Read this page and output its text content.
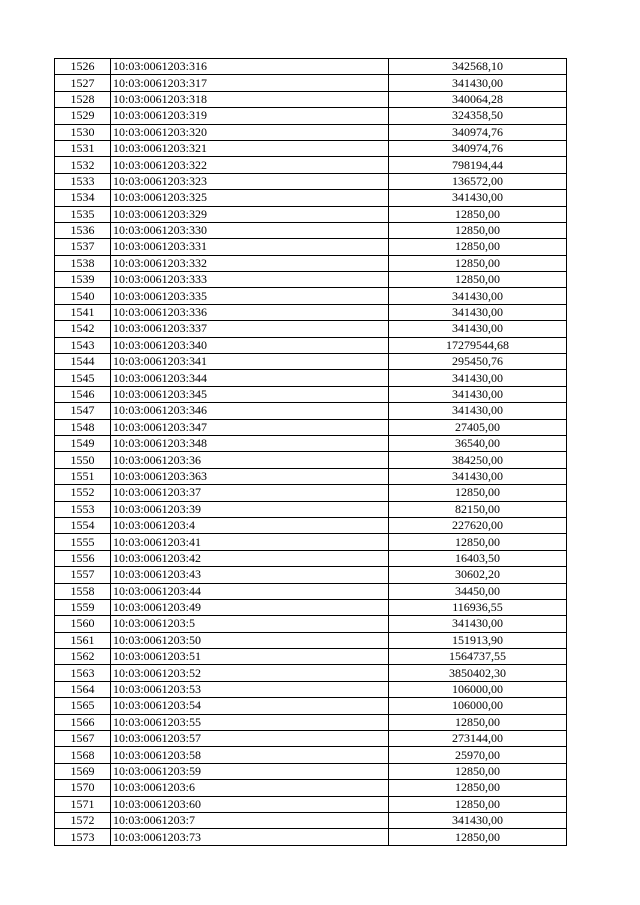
1526	10:03:0061203:316	342568,10
1527	10:03:0061203:317	341430,00
1528	10:03:0061203:318	340064,28
1529	10:03:0061203:319	324358,50
1530	10:03:0061203:320	340974,76
1531	10:03:0061203:321	340974,76
1532	10:03:0061203:322	798194,44
1533	10:03:0061203:323	136572,00
1534	10:03:0061203:325	341430,00
1535	10:03:0061203:329	12850,00
1536	10:03:0061203:330	12850,00
1537	10:03:0061203:331	12850,00
1538	10:03:0061203:332	12850,00
1539	10:03:0061203:333	12850,00
1540	10:03:0061203:335	341430,00
1541	10:03:0061203:336	341430,00
1542	10:03:0061203:337	341430,00
1543	10:03:0061203:340	17279544,68
1544	10:03:0061203:341	295450,76
1545	10:03:0061203:344	341430,00
1546	10:03:0061203:345	341430,00
1547	10:03:0061203:346	341430,00
1548	10:03:0061203:347	27405,00
1549	10:03:0061203:348	36540,00
1550	10:03:0061203:36	384250,00
1551	10:03:0061203:363	341430,00
1552	10:03:0061203:37	12850,00
1553	10:03:0061203:39	82150,00
1554	10:03:0061203:4	227620,00
1555	10:03:0061203:41	12850,00
1556	10:03:0061203:42	16403,50
1557	10:03:0061203:43	30602,20
1558	10:03:0061203:44	34450,00
1559	10:03:0061203:49	116936,55
1560	10:03:0061203:5	341430,00
1561	10:03:0061203:50	151913,90
1562	10:03:0061203:51	1564737,55
1563	10:03:0061203:52	3850402,30
1564	10:03:0061203:53	106000,00
1565	10:03:0061203:54	106000,00
1566	10:03:0061203:55	12850,00
1567	10:03:0061203:57	273144,00
1568	10:03:0061203:58	25970,00
1569	10:03:0061203:59	12850,00
1570	10:03:0061203:6	12850,00
1571	10:03:0061203:60	12850,00
1572	10:03:0061203:7	341430,00
1573	10:03:0061203:73	12850,00
